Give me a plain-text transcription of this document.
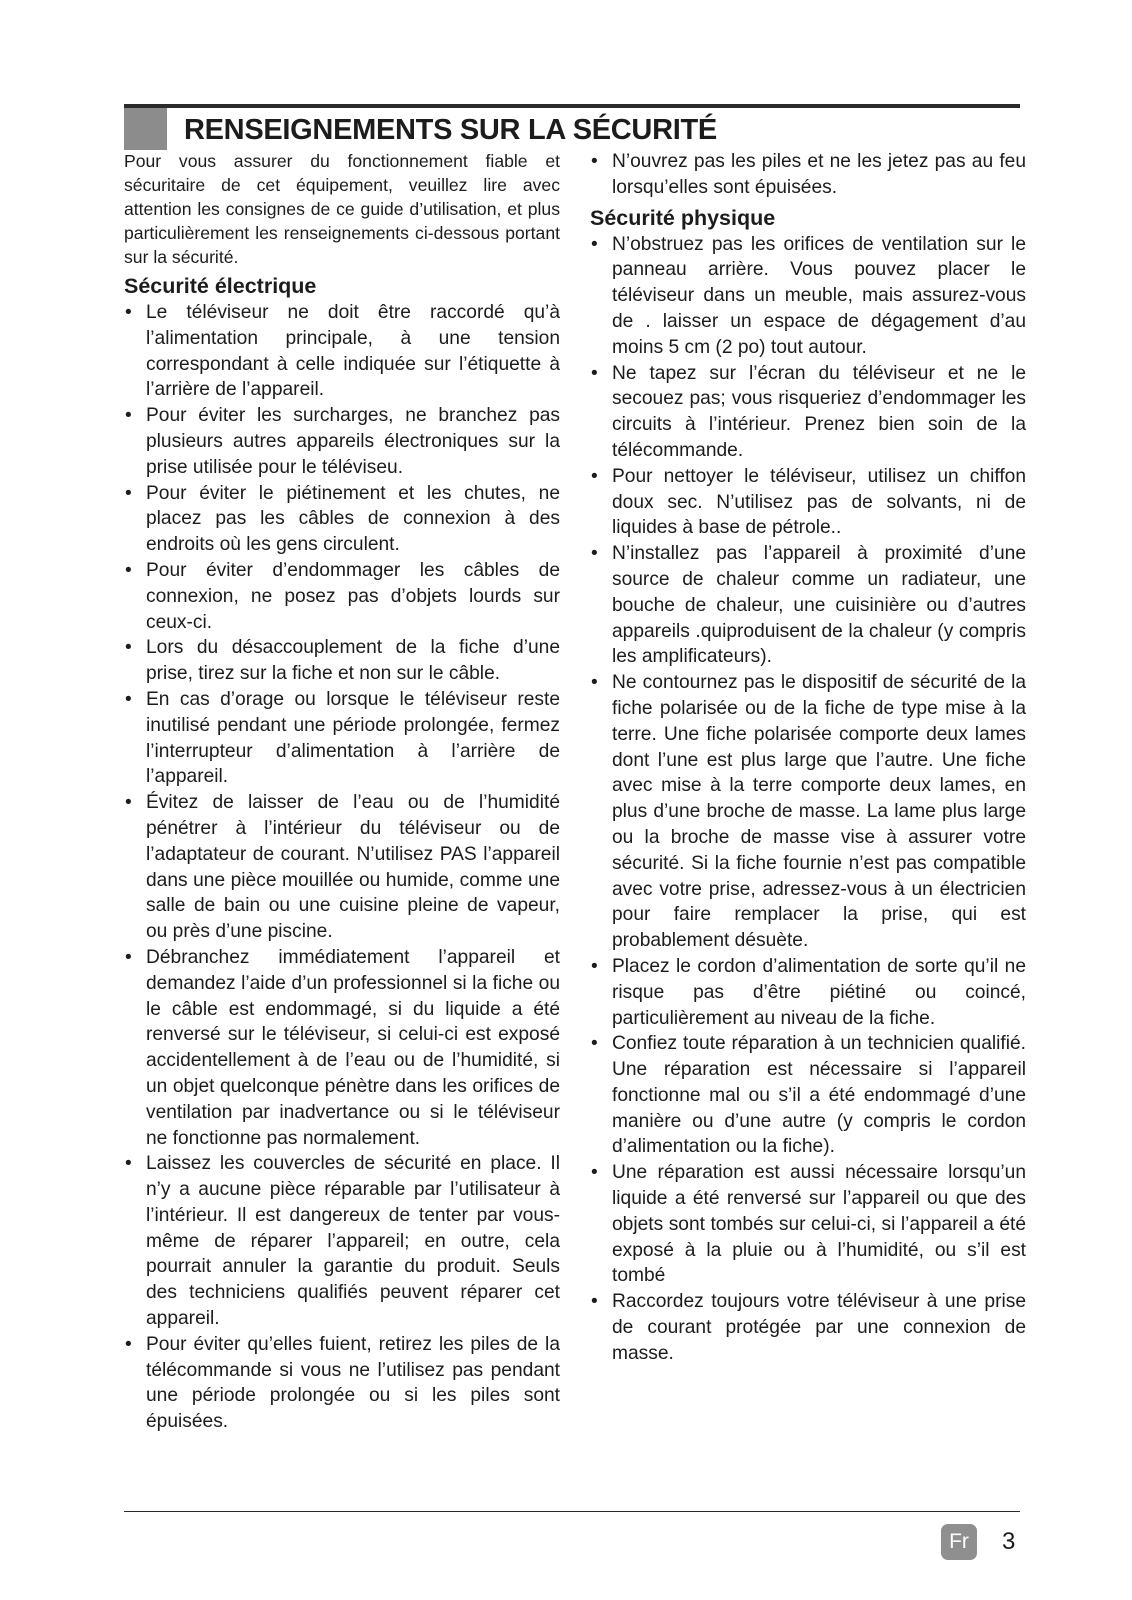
RENSEIGNEMENTS SUR LA SÉCURITÉ

Pour vous assurer du fonctionnement fiable et sécuritaire de cet équipement, veuillez lire avec attention les consignes de ce guide d’utilisation, et plus particulièrement les renseignements ci-dessous portant sur la sécurité.

Sécurité électrique
• Le téléviseur ne doit être raccordé qu’à l’alimentation principale, à une tension correspondant à celle indiquée sur l’étiquette à l’arrière de l’appareil.
• Pour éviter les surcharges, ne branchez pas plusieurs autres appareils électroniques sur la prise utilisée pour le téléviseu.
• Pour éviter le piétinement et les chutes, ne placez pas les câbles de connexion à des endroits où les gens circulent.
• Pour éviter d’endommager les câbles de connexion, ne posez pas d’objets lourds sur ceux-ci.
• Lors du désaccouplement de la fiche d’une prise, tirez sur la fiche et non sur le câble.
• En cas d’orage ou lorsque le téléviseur reste inutilisé pendant une période prolongée, fermez l’interrupteur d’alimentation à l’arrière de l’appareil.
• Évitez de laisser de l’eau ou de l’humidité pénétrer à l’intérieur du téléviseur ou de l’adaptateur de courant. N’utilisez PAS l’appareil dans une pièce mouillée ou humide, comme une salle de bain ou une cuisine pleine de vapeur, ou près d’une piscine.
• Débranchez immédiatement l’appareil et demandez l’aide d’un professionnel si la fiche ou le câble est endommagé, si du liquide a été renversé sur le téléviseur, si celui-ci est exposé accidentellement à de l’eau ou de l’humidité, si un objet quelconque pénètre dans les orifices de ventilation par inadvertance ou si le téléviseur ne fonctionne pas normalement.
• Laissez les couvercles de sécurité en place. Il n’y a aucune pièce réparable par l’utilisateur à l’intérieur. Il est dangereux de tenter par vous-même de réparer l’appareil; en outre, cela pourrait annuler la garantie du produit. Seuls des techniciens qualifiés peuvent réparer cet appareil.
• Pour éviter qu’elles fuient, retirez les piles de la télécommande si vous ne l’utilisez pas pendant une période prolongée ou si les piles sont épuisées.
• N’ouvrez pas les piles et ne les jetez pas au feu lorsqu’elles sont épuisées.
Sécurité physique
• N’obstruez pas les orifices de ventilation sur le panneau arrière. Vous pouvez placer le téléviseur dans un meuble, mais assurez-vous de . laisser un espace de dégagement d’au moins 5 cm (2 po) tout autour.
• Ne tapez sur l’écran du téléviseur et ne le secouez pas; vous risqueriez d’endommager les circuits à l’intérieur. Prenez bien soin de la télécommande.
• Pour nettoyer le téléviseur, utilisez un chiffon doux sec. N’utilisez pas de solvants, ni de liquides à base de pétrole..
• N’installez pas l’appareil à proximité d’une source de chaleur comme un radiateur, une bouche de chaleur, une cuisinière ou d’autres appareils .quiproduisent de la chaleur (y compris les amplificateurs).
• Ne contournez pas le dispositif de sécurité de la fiche polarisée ou de la fiche de type mise à la terre. Une fiche polarisée comporte deux lames dont l’une est plus large que l’autre. Une fiche avec mise à la terre comporte deux lames, en plus d’une broche de masse. La lame plus large ou la broche de masse vise à assurer votre sécurité. Si la fiche fournie n’est pas compatible avec votre prise, adressez-vous à un électricien pour faire remplacer la prise, qui est probablement désuète.
• Placez le cordon d’alimentation de sorte qu’il ne risque pas d’être piétiné ou coincé, particulièrement au niveau de la fiche.
• Confiez toute réparation à un technicien qualifié. Une réparation est nécessaire si l’appareil fonctionne mal ou s’il a été endommagé d’une manière ou d’une autre (y compris le cordon d’alimentation ou la fiche).
• Une réparation est aussi nécessaire lorsqu’un liquide a été renversé sur l’appareil ou que des objets sont tombés sur celui-ci, si l’appareil a été exposé à la pluie ou à l’humidité, ou s’il est tombé
• Raccordez toujours votre téléviseur à une prise de courant protégée par une connexion de masse.
Fr	3
